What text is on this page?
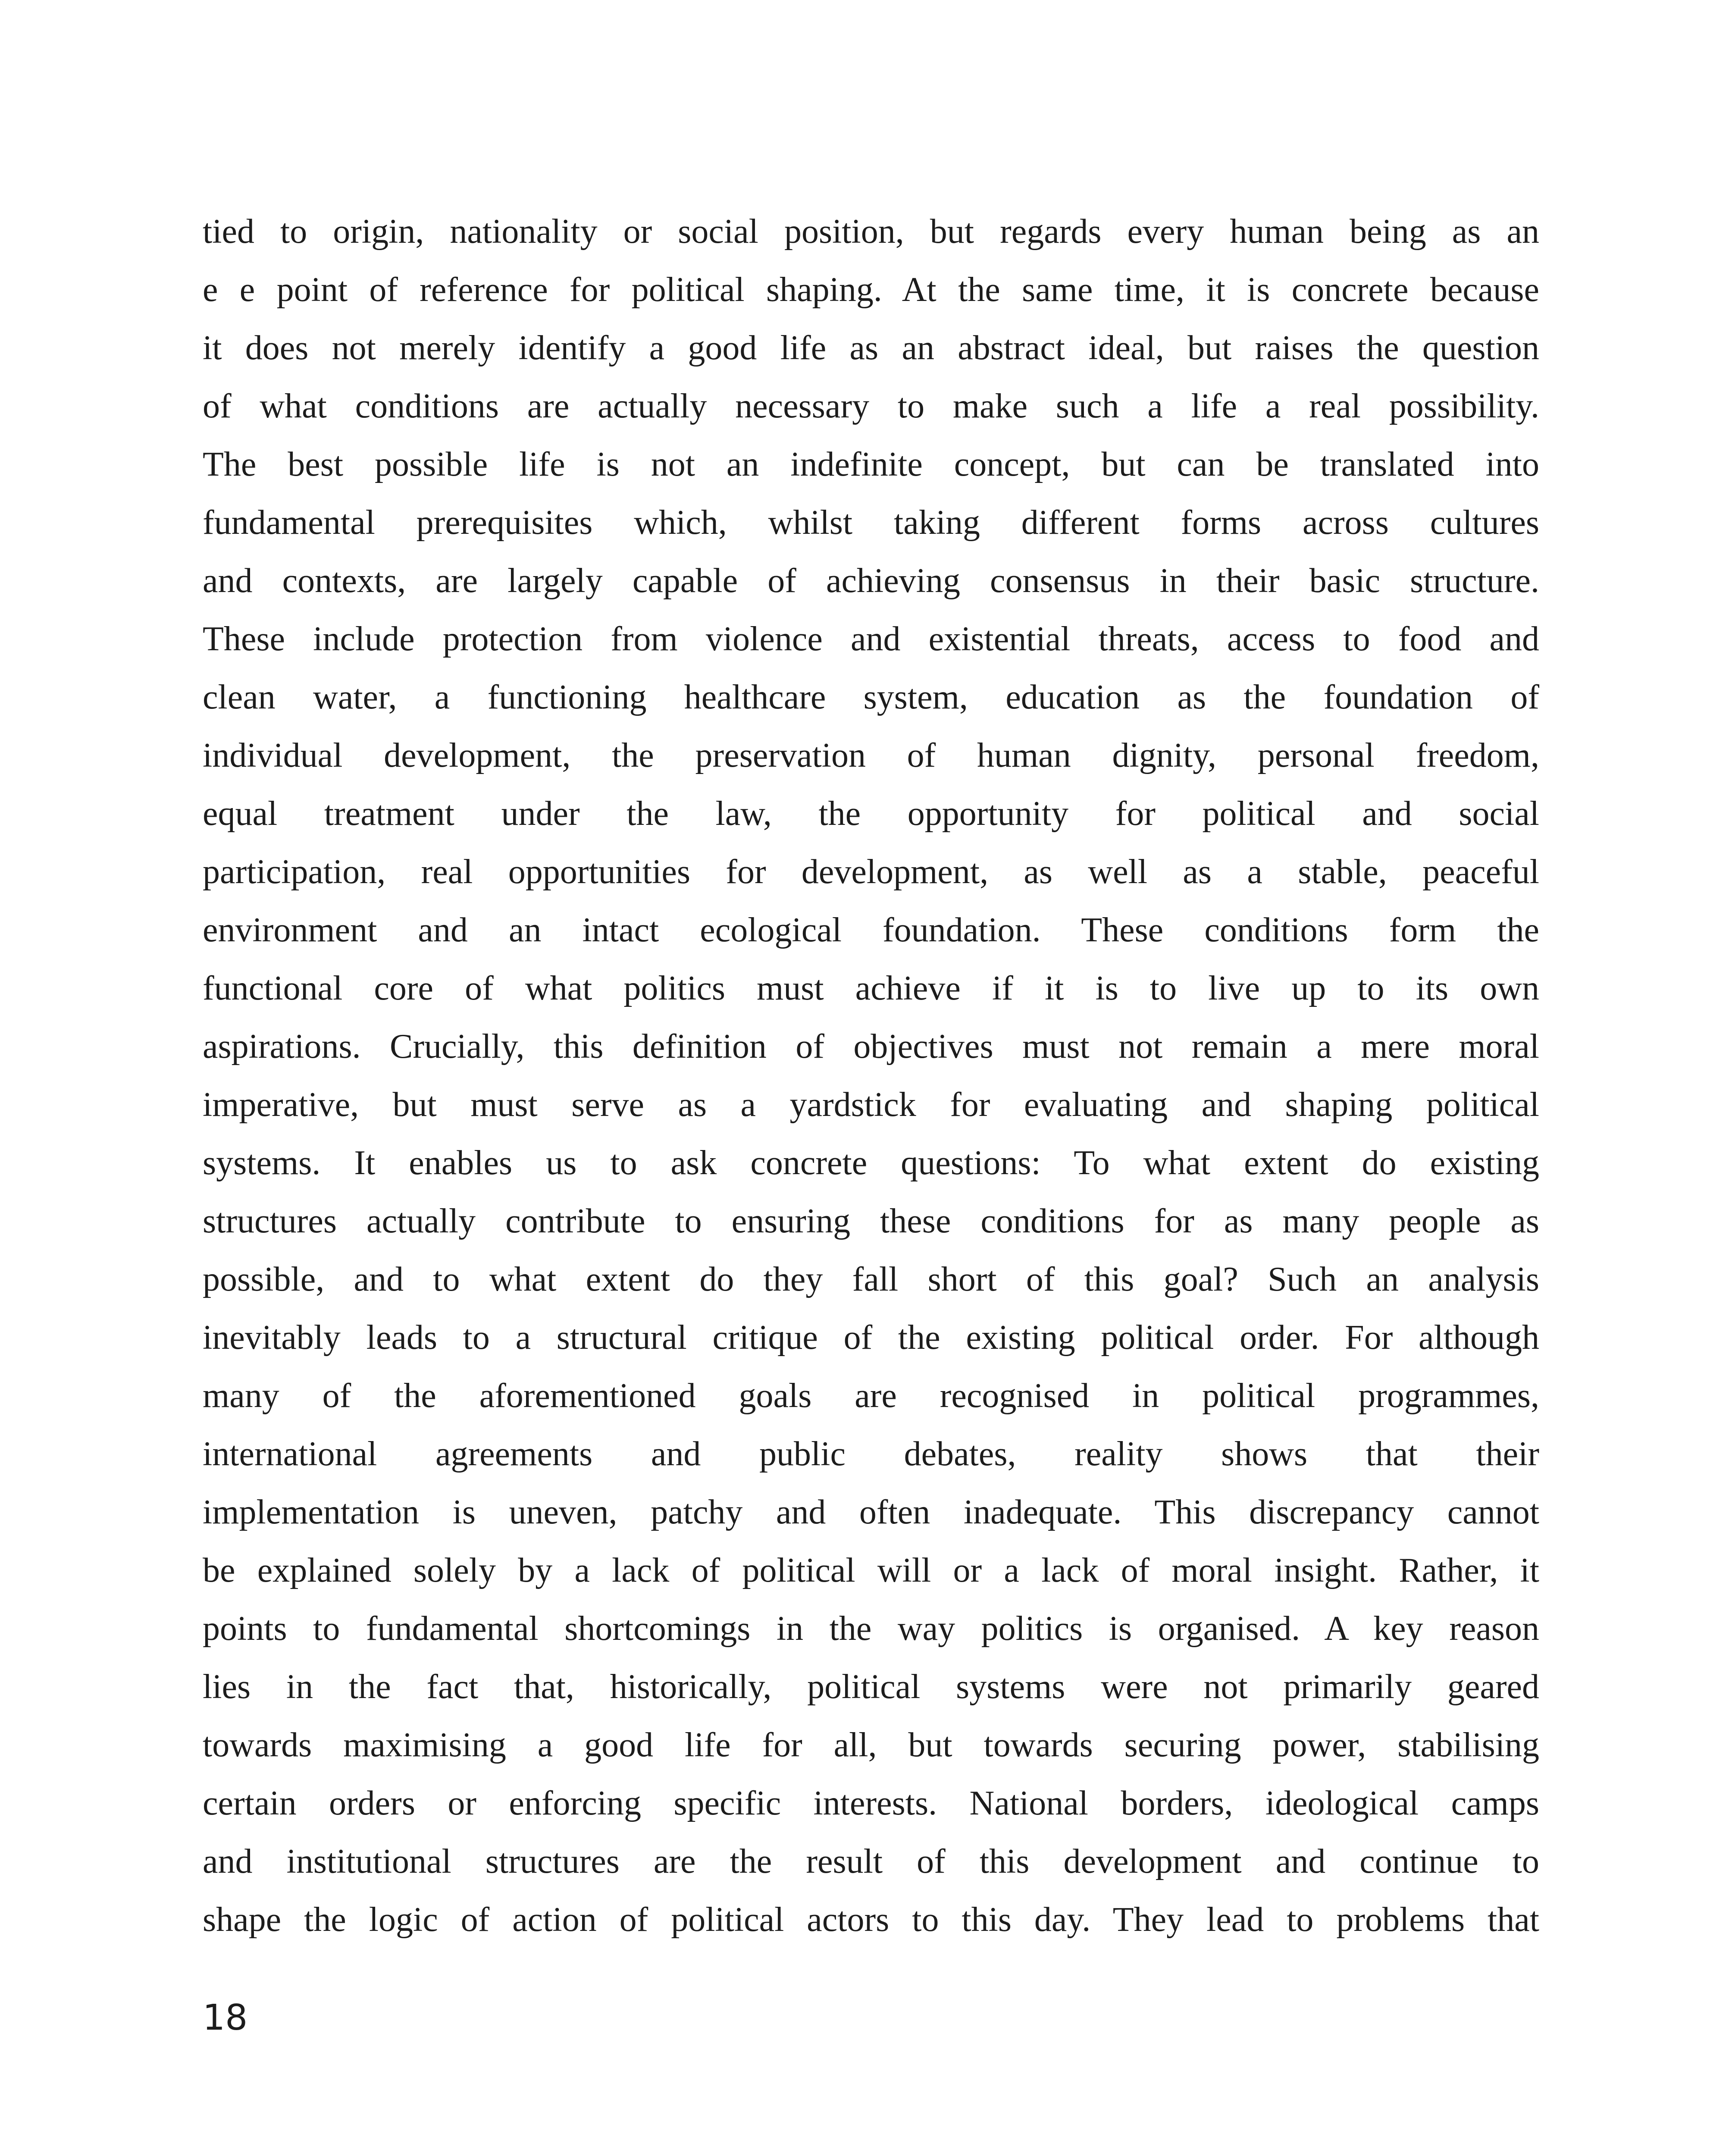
tied to origin, nationality or social position, but regards every human being as an
e e point of reference for political shaping. At the same time, it is concrete because
it does not merely identify a good life as an abstract ideal, but raises the question
of what conditions are actually necessary to make such a life a real possibility.
The best possible life is not an indefinite concept, but can be translated into
fundamental prerequisites which, whilst taking different forms across cultures
and contexts, are largely capable of achieving consensus in their basic structure.
These include protection from violence and existential threats, access to food and
clean water, a functioning healthcare system, education as the foundation of
individual development, the preservation of human dignity, personal freedom,
equal treatment under the law, the opportunity for political and social
participation, real opportunities for development, as well as a stable, peaceful
environment and an intact ecological foundation. These conditions form the
functional core of what politics must achieve if it is to live up to its own
aspirations. Crucially, this definition of objectives must not remain a mere moral
imperative, but must serve as a yardstick for evaluating and shaping political
systems. It enables us to ask concrete questions: To what extent do existing
structures actually contribute to ensuring these conditions for as many people as
possible, and to what extent do they fall short of this goal? Such an analysis
inevitably leads to a structural critique of the existing political order. For although
many of the aforementioned goals are recognised in political programmes,
international agreements and public debates, reality shows that their
implementation is uneven, patchy and often inadequate. This discrepancy cannot
be explained solely by a lack of political will or a lack of moral insight. Rather, it
points to fundamental shortcomings in the way politics is organised. A key reason
lies in the fact that, historically, political systems were not primarily geared
towards maximising a good life for all, but towards securing power, stabilising
certain orders or enforcing specific interests. National borders, ideological camps
and institutional structures are the result of this development and continue to
shape the logic of action of political actors to this day. They lead to problems that
18
